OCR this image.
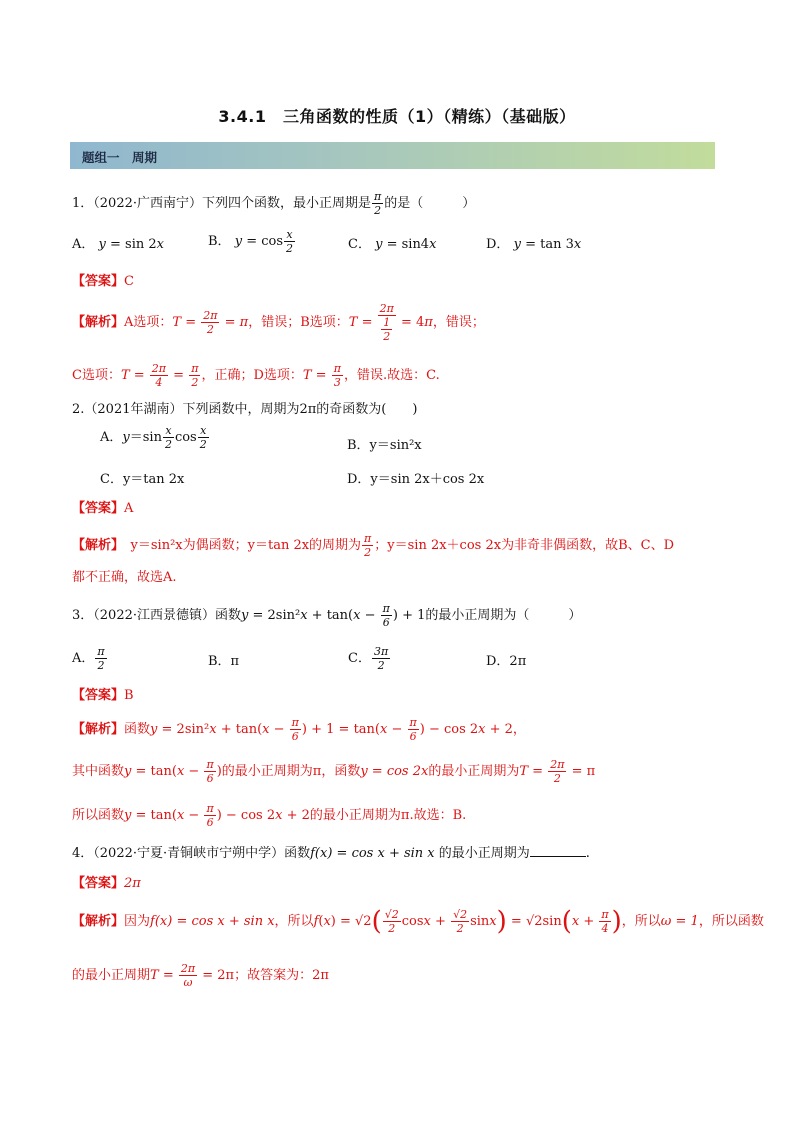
3.4.1　三角函数的性质（1）（精练）（基础版）
题组一　周期
1．（2022·广西南宁）下列四个函数，最小正周期是 $\frac{\pi}{2}$ 的是（　　　）
A． y = sin 2x	B． $y = \cos \frac{x}{2}$	C． y = sin4x	D． y = tan 3x
【答案】C
【解析】A选项：$T = \frac{2\pi}{2} = \pi$，错误；B选项：$T = \frac{2\pi}{\frac{1}{2}} = 4\pi$，错误；
C选项：$T = \frac{2\pi}{4} = \frac{\pi}{2}$ ，正确；D选项：$T = \frac{\pi}{3}$ ，错误.故选：C.
2.（2021年湖南）下列函数中，周期为2π的奇函数为(　　)
A．$y=\sin \frac{x}{2}$ $\cos \frac{x}{2}$	B．y＝sin²x
C．y＝tan 2x	D．y＝sin 2x＋cos 2x
【答案】A
【解析】　 y＝sin²x为偶函数；y＝tan 2x的周期为 $\frac{\pi}{2}$ ；y＝sin 2x＋cos 2x为非奇非偶函数，故B、C、D
都不正确，故选A.
3．（2022·江西景德镇）函数$y = 2\sin^2x + \tan(x - \frac{\pi}{6}$ ) + 1的最小正周期为（　　　）
A． $\frac{\pi}{2}$	B．π	C． $\frac{3\pi}{2}$	D．2π
【答案】B
【解析】函数$y = 2\sin^2x + \tan(x - \frac{\pi}{6}$ ) + $1 = \tan(x - \frac{\pi}{6}$ ) − cos 2x + 2，
其中函数$y = \tan(x - \frac{\pi}{6}$ )的最小正周期为π，函数y = cos 2x的最小正周期为$T = \frac{2\pi}{2} = \pi$
所以函数$y = \tan(x - \frac{\pi}{6}$ ) − cos 2x + 2的最小正周期为π.故选：B.
4．（2022·宁夏·青铜峡市宁朔中学）函数f(x) = cos x + sin x 的最小正周期为	.
【答案】2π
【解析】因为f(x) = cos x + sin x，所以$f(x) = √2( \frac{√2}{2}$ $\cos x + \frac{√2}{2} \sin x) = √2\sin(x + \frac{\pi}{4}$ )，所以ω = 1，所以函数
的最小正周期$T = \frac{2\pi}{\omega} = 2\pi$；故答案为：2π
